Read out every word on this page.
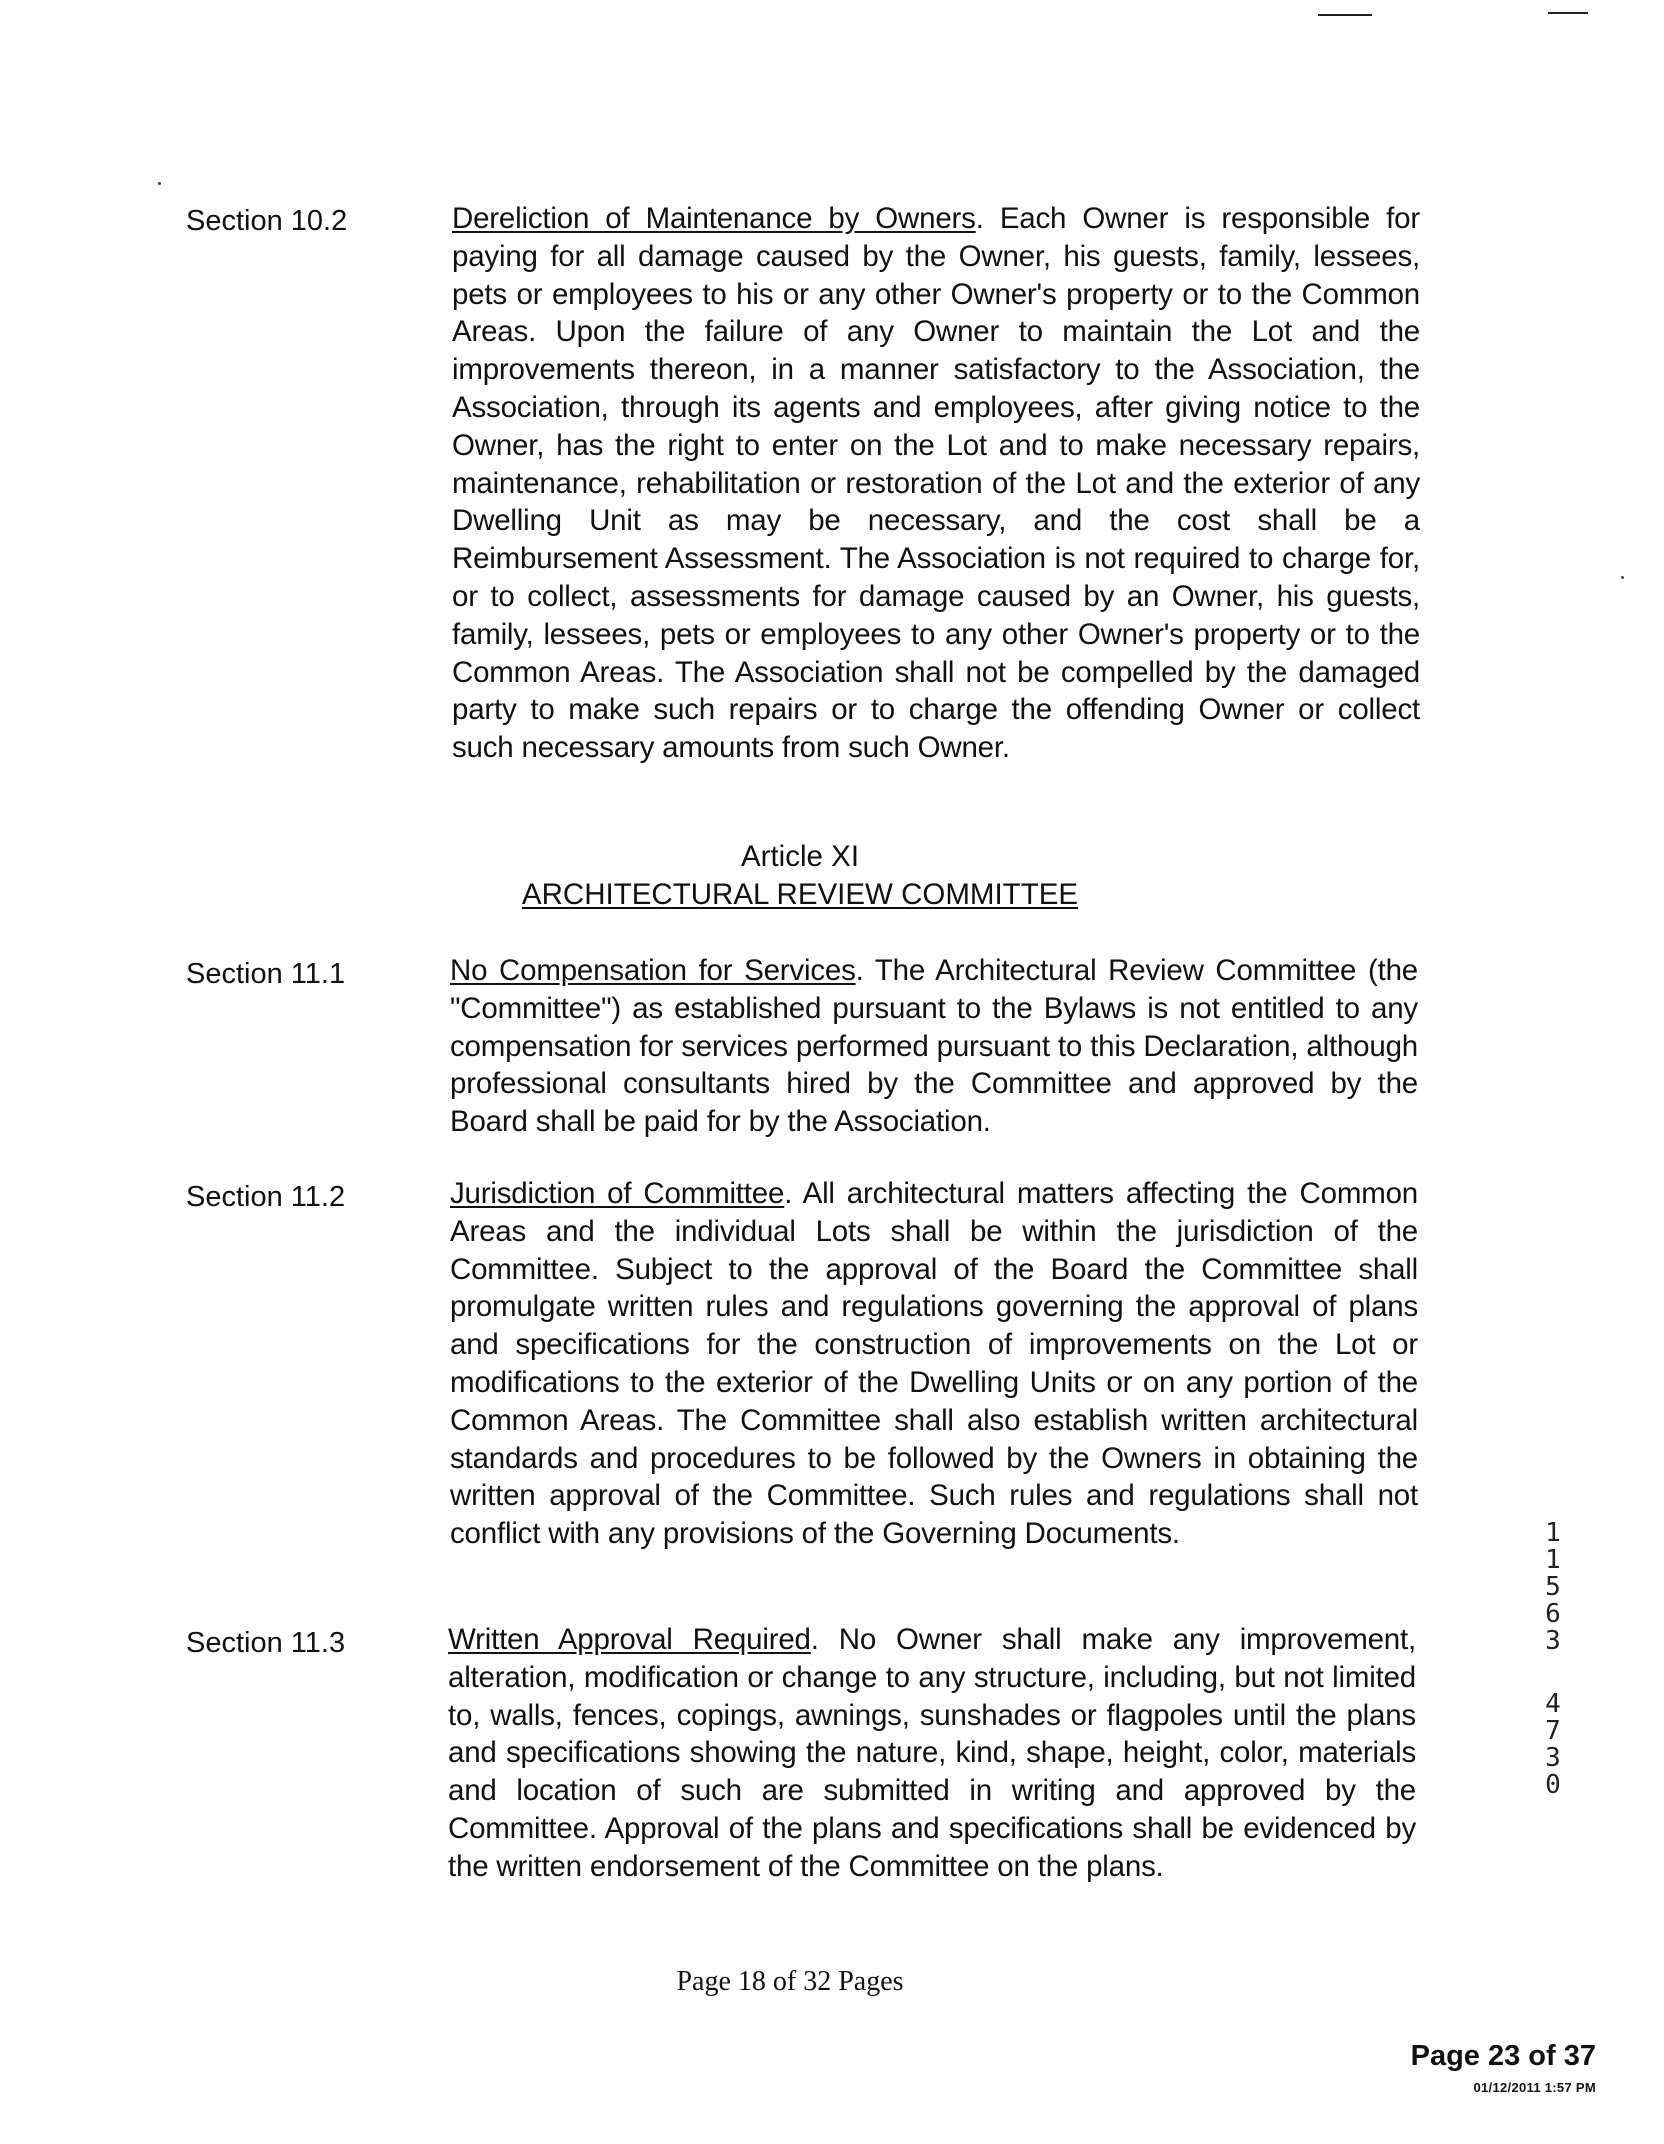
Section 10.2	Dereliction of Maintenance by Owners. Each Owner is responsible for paying for all damage caused by the Owner, his guests, family, lessees, pets or employees to his or any other Owner's property or to the Common Areas. Upon the failure of any Owner to maintain the Lot and the improvements thereon, in a manner satisfactory to the Association, the Association, through its agents and employees, after giving notice to the Owner, has the right to enter on the Lot and to make necessary repairs, maintenance, rehabilitation or restoration of the Lot and the exterior of any Dwelling Unit as may be necessary, and the cost shall be a Reimbursement Assessment. The Association is not required to charge for, or to collect, assessments for damage caused by an Owner, his guests, family, lessees, pets or employees to any other Owner's property or to the Common Areas. The Association shall not be compelled by the damaged party to make such repairs or to charge the offending Owner or collect such necessary amounts from such Owner.
Article XI
ARCHITECTURAL REVIEW COMMITTEE
Section 11.1	No Compensation for Services. The Architectural Review Committee (the "Committee") as established pursuant to the Bylaws is not entitled to any compensation for services performed pursuant to this Declaration, although professional consultants hired by the Committee and approved by the Board shall be paid for by the Association.
Section 11.2	Jurisdiction of Committee. All architectural matters affecting the Common Areas and the individual Lots shall be within the jurisdiction of the Committee. Subject to the approval of the Board the Committee shall promulgate written rules and regulations governing the approval of plans and specifications for the construction of improvements on the Lot or modifications to the exterior of the Dwelling Units or on any portion of the Common Areas. The Committee shall also establish written architectural standards and procedures to be followed by the Owners in obtaining the written approval of the Committee. Such rules and regulations shall not conflict with any provisions of the Governing Documents.
Section 11.3	Written Approval Required. No Owner shall make any improvement, alteration, modification or change to any structure, including, but not limited to, walls, fences, copings, awnings, sunshades or flagpoles until the plans and specifications showing the nature, kind, shape, height, color, materials and location of such are submitted in writing and approved by the Committee. Approval of the plans and specifications shall be evidenced by the written endorsement of the Committee on the plans.
1
1
5
6
3
4
7
3
0
Page 18 of 32 Pages
Page 23 of 37
01/12/2011 1:57 PM
